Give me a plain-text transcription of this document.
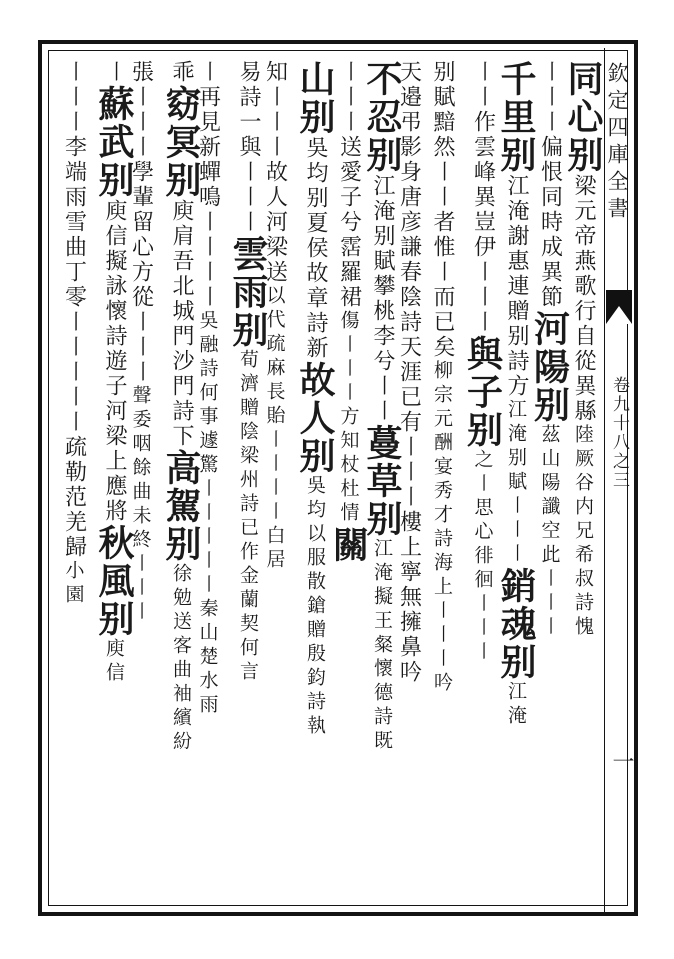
欽定四庫全書
卷九十八之三
一
同心别梁元帝燕歌行自從異縣陸厥谷内兄希叔詩愧
〡〡〡偏恨同時成異節河陽别茲山陽讖空此〡〡〡
千里别江淹謝惠連贈别詩方江淹别賦〡〡〡銷魂别江淹
〡〡作雲峰異豈伊〡〡〡與子别之〡思心徘徊〡〡〡
别賦黯然〡〡者惟〡而已矣柳宗元酬宴秀才詩海上〡〡〡吟
天邉弔影身唐彦謙春陰詩天涯已有〡〡〡樓上寧無擁鼻吟
不忍别江淹别賦攀桃李兮〡〡蔓草别江淹擬王粲懷德詩既
〡〡〡送愛子兮霑羅裙傷〡〡〡方知杖杜情關
山别吳均别夏侯故章詩新故人别吳均以服散鎗贈殷鈞詩執
知〡〡〡故人河梁送以代疏麻長貽〡〡〡〡白居
易詩一與〡〡〡雲雨别荀濟贈陰梁州詩已作金蘭契何言
〡再見新蟬鳴〡〡〡〡吳融詩何事遽驚〡〡〡〡〡秦山楚水雨
乖窈冥别庾肩吾北城門沙門詩下高駕别徐勉送客曲袖繽紛
張〡〡〡學輩留心方從〡〡〡聲委咽餘曲未終〡〡〡
〡蘇武别庾信擬詠懷詩遊子河梁上應將秋風别庾信
〡〡〡李端雨雪曲丁零〡〡〡〡〡疏勒范羌歸小園
